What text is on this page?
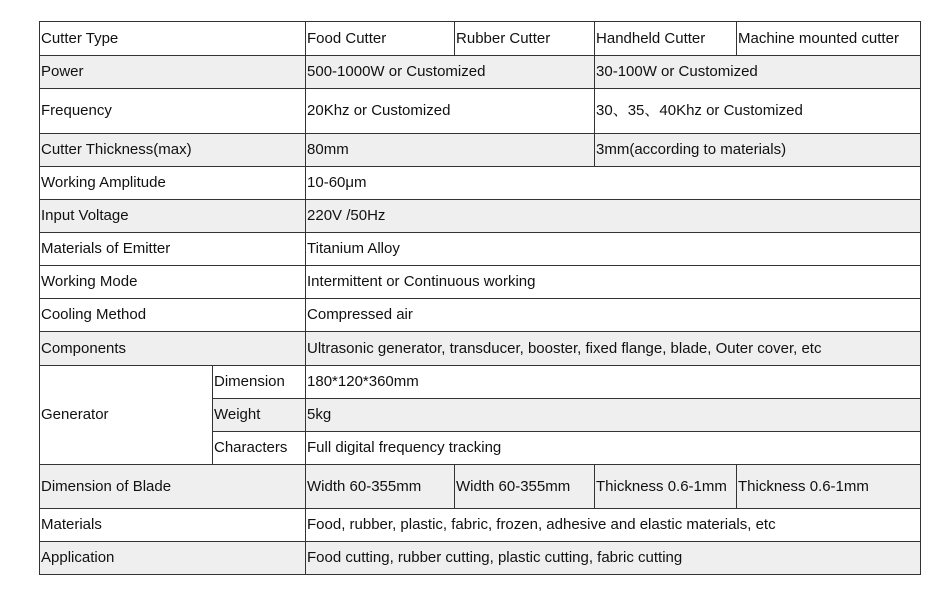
Cutter Type		Food Cutter	Rubber Cutter	Handheld Cutter	Machine mounted cutter
Power		500-1000W or Customized		30-100W or Customized	
Frequency		20Khz or Customized		30、35、40Khz or Customized	
Cutter Thickness(max)		80mm		3mm(according to materials)	
Working Amplitude		10-60μm			
Input Voltage		220V /50Hz			
Materials of Emitter		Titanium Alloy			
Working Mode		Intermittent or Continuous working			
Cooling Method		Compressed air			
Components		Ultrasonic generator, transducer, booster, fixed flange, blade, Outer cover, etc			
Generator	Dimension	180*120*360mm			
	Weight	5kg			
	Characters	Full digital frequency tracking			
Dimension of Blade		Width 60-355mm	Width 60-355mm	Thickness 0.6-1mm	Thickness 0.6-1mm
Materials		Food, rubber, plastic, fabric, frozen, adhesive and elastic materials, etc			
Application		Food cutting, rubber cutting, plastic cutting, fabric cutting			
